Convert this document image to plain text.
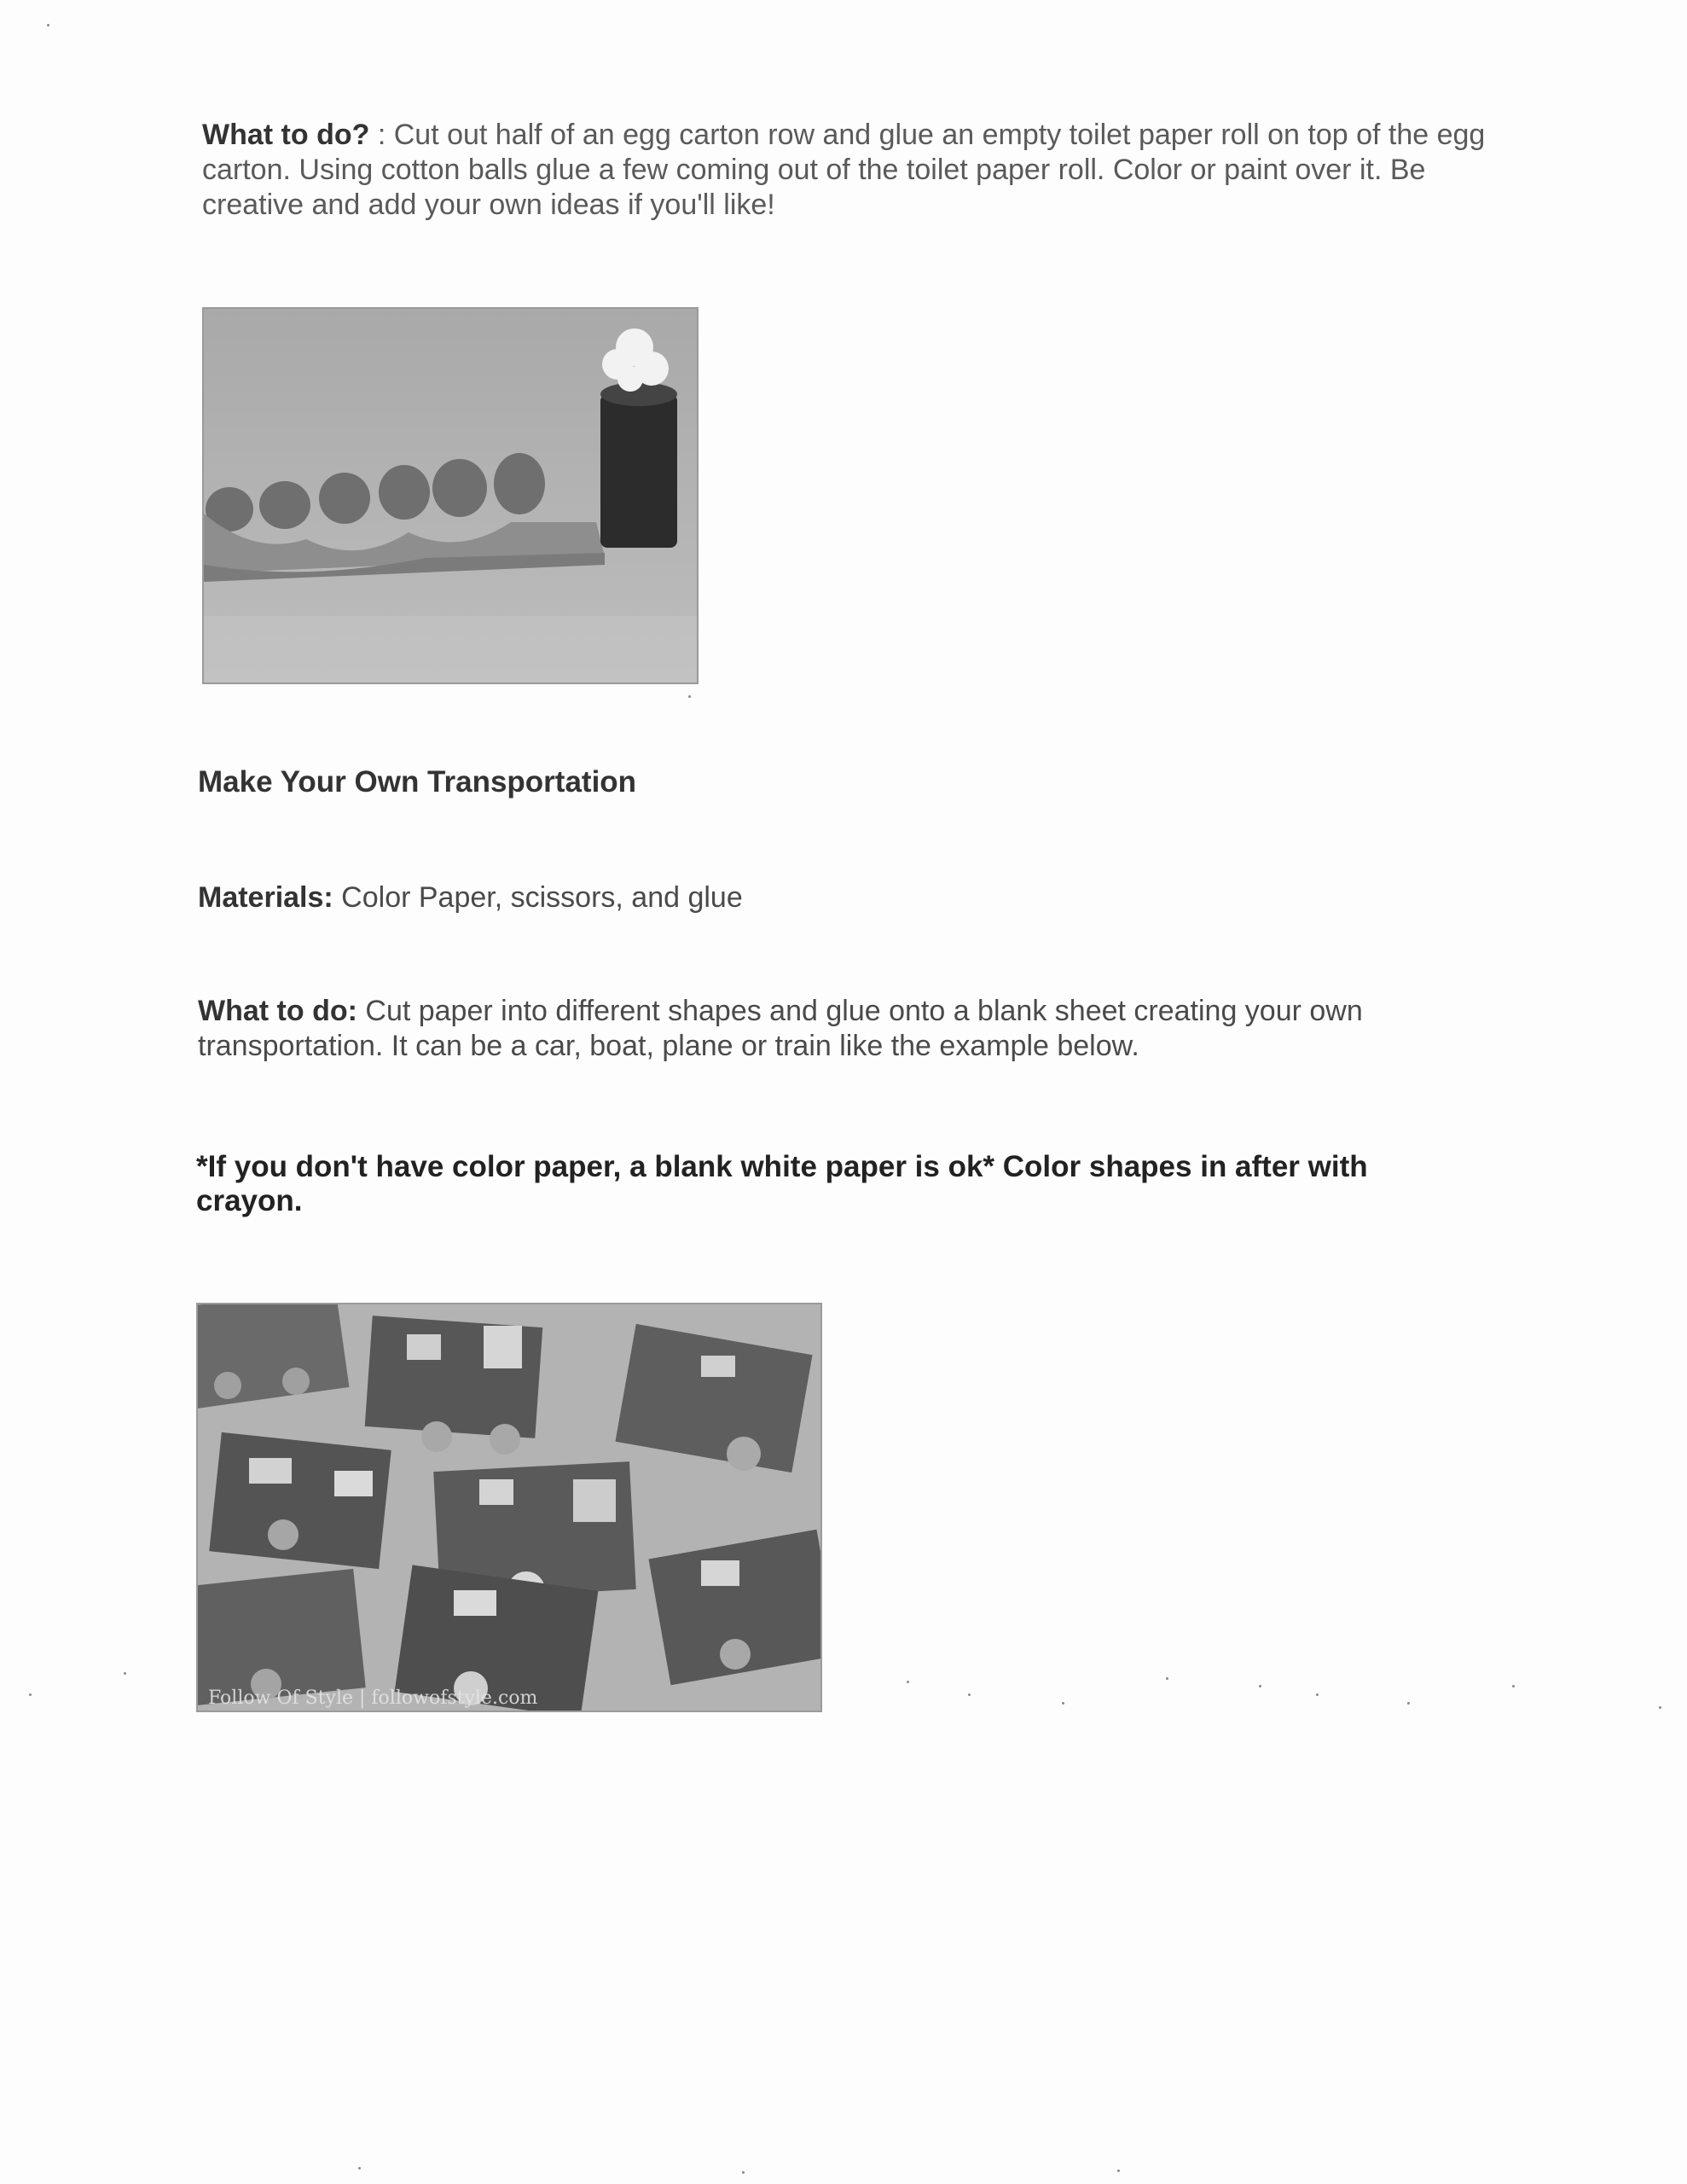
What to do? : Cut out half of an egg carton row and glue an empty toilet paper roll on top of the egg carton. Using cotton balls glue a few coming out of the toilet paper roll. Color or paint over it. Be creative and add your own ideas if you'll like!
Make Your Own Transportation
Materials: Color Paper, scissors, and glue
What to do: Cut paper into different shapes and glue onto a blank sheet creating your own transportation. It can be a car, boat, plane or train like the example below.
*If you don't have color paper, a blank white paper is ok* Color shapes in after with crayon.
Follow Of Style | followofstyle.com
